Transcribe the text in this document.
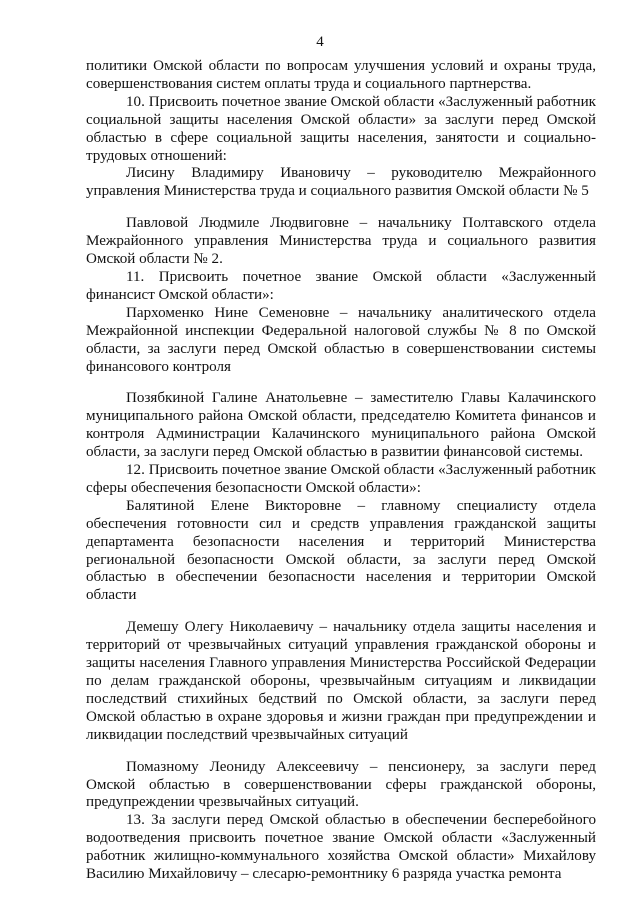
4

политики Омской области по вопросам улучшения условий и охраны труда, совершенствования систем оплаты труда и социального партнерства.

10. Присвоить почетное звание Омской области «Заслуженный работник социальной защиты населения Омской области» за заслуги перед Омской областью в сфере социальной защиты населения, занятости и социально-трудовых отношений:

Лисину Владимиру Ивановичу – руководителю Межрайонного управления Министерства труда и социального развития Омской области № 5

Павловой Людмиле Людвиговне – начальнику Полтавского отдела Межрайонного управления Министерства труда и социального развития Омской области № 2.

11. Присвоить почетное звание Омской области «Заслуженный финансист Омской области»:

Пархоменко Нине Семеновне – начальнику аналитического отдела Межрайонной инспекции Федеральной налоговой службы № 8 по Омской области, за заслуги перед Омской областью в совершенствовании системы финансового контроля

Позябкиной Галине Анатольевне – заместителю Главы Калачинского муниципального района Омской области, председателю Комитета финансов и контроля Администрации Калачинского муниципального района Омской области, за заслуги перед Омской областью в развитии финансовой системы.

12. Присвоить почетное звание Омской области «Заслуженный работник сферы обеспечения безопасности Омской области»:

Балятиной Елене Викторовне – главному специалисту отдела обеспечения готовности сил и средств управления гражданской защиты департамента безопасности населения и территорий Министерства региональной безопасности Омской области, за заслуги перед Омской областью в обеспечении безопасности населения и территории Омской области

Демешу Олегу Николаевичу – начальнику отдела защиты населения и территорий от чрезвычайных ситуаций управления гражданской обороны и защиты населения Главного управления Министерства Российской Федерации по делам гражданской обороны, чрезвычайным ситуациям и ликвидации последствий стихийных бедствий по Омской области, за заслуги перед Омской областью в охране здоровья и жизни граждан при предупреждении и ликвидации последствий чрезвычайных ситуаций

Помазному Леониду Алексеевичу – пенсионеру, за заслуги перед Омской областью в совершенствовании сферы гражданской обороны, предупреждении чрезвычайных ситуаций.

13. За заслуги перед Омской областью в обеспечении бесперебойного водоотведения присвоить почетное звание Омской области «Заслуженный работник жилищно-коммунального хозяйства Омской области» Михайлову Василию Михайловичу – слесарю-ремонтнику 6 разряда участка ремонта
